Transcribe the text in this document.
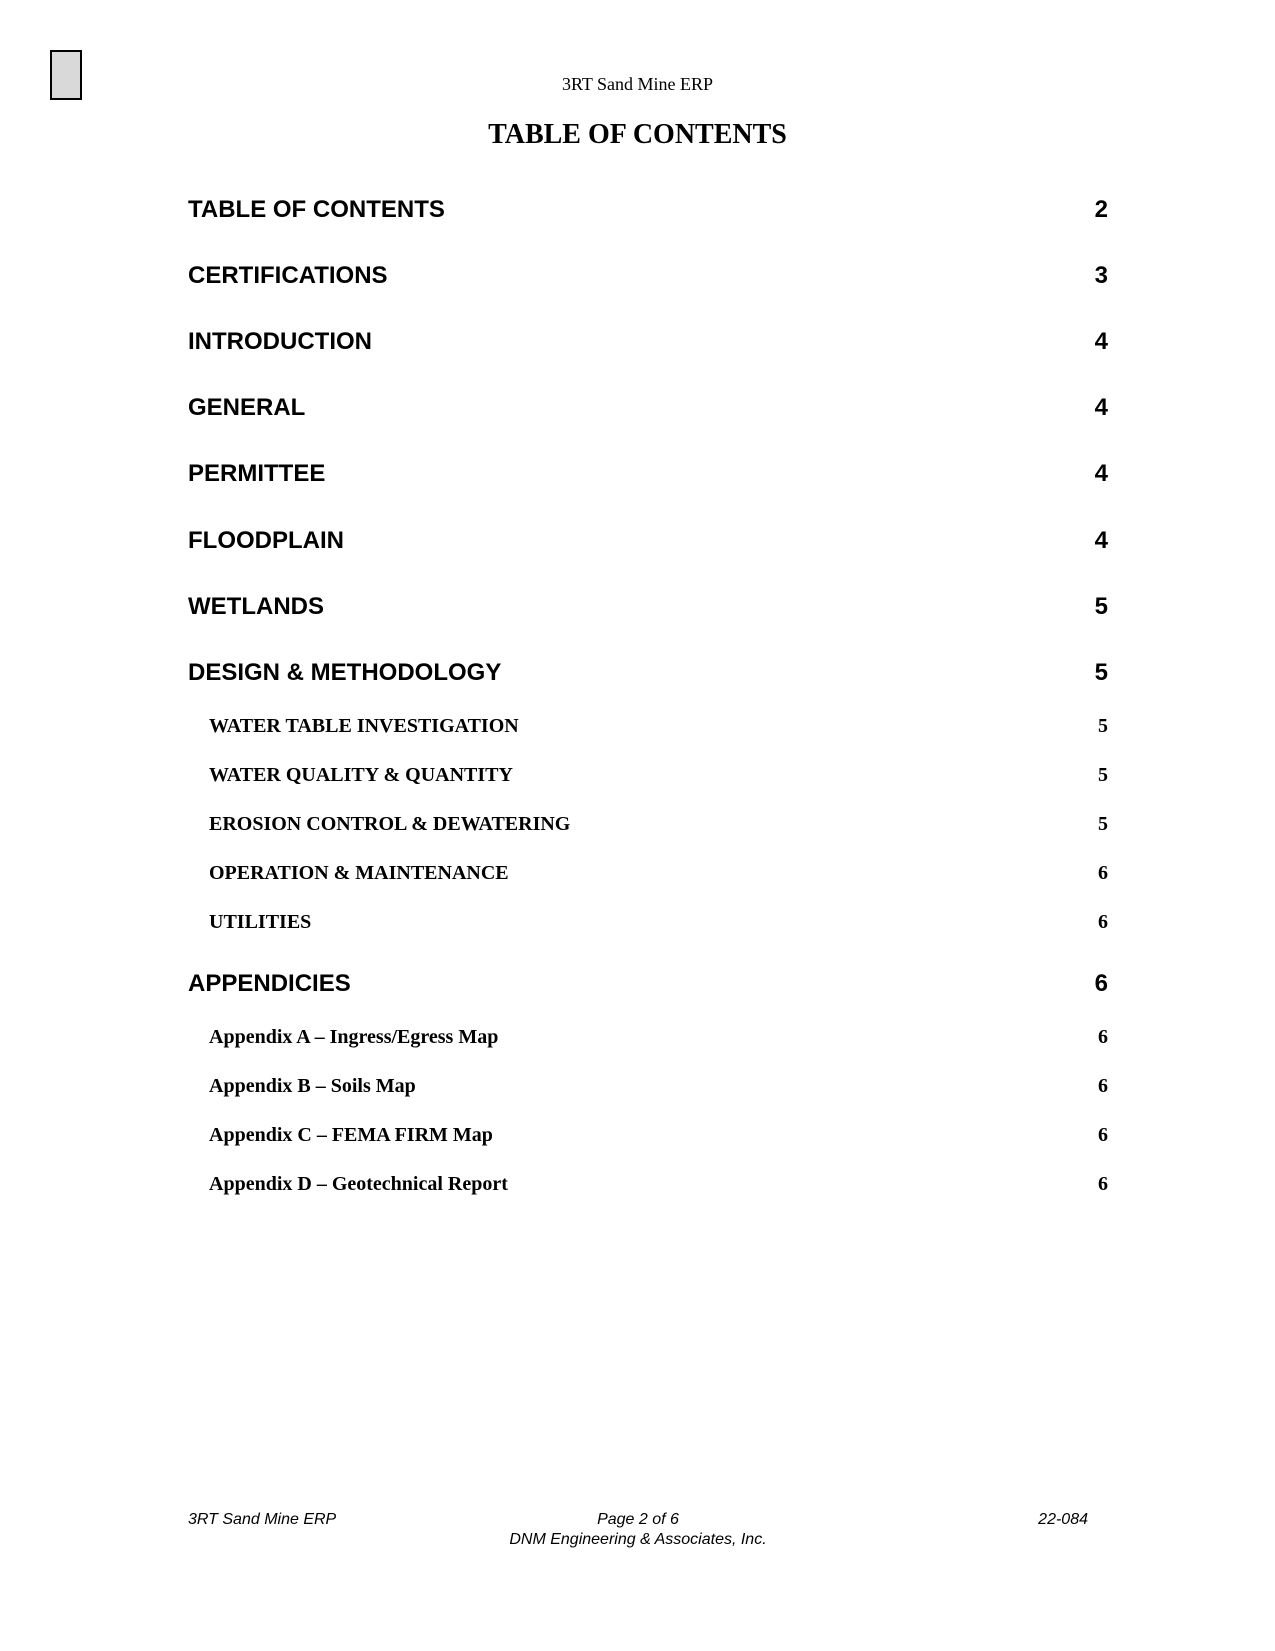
3RT Sand Mine ERP
TABLE OF CONTENTS
TABLE OF CONTENTS	2
CERTIFICATIONS	3
INTRODUCTION	4
GENERAL	4
PERMITTEE	4
FLOODPLAIN	4
WETLANDS	5
DESIGN & METHODOLOGY	5
WATER TABLE INVESTIGATION	5
WATER QUALITY & QUANTITY	5
EROSION CONTROL & DEWATERING	5
OPERATION & MAINTENANCE	6
UTILITIES	6
APPENDICIES	6
Appendix A – Ingress/Egress Map	6
Appendix B – Soils Map	6
Appendix C – FEMA FIRM Map	6
Appendix D – Geotechnical Report	6
3RT Sand Mine ERP	Page 2 of 6	22-084
DNM Engineering & Associates, Inc.
